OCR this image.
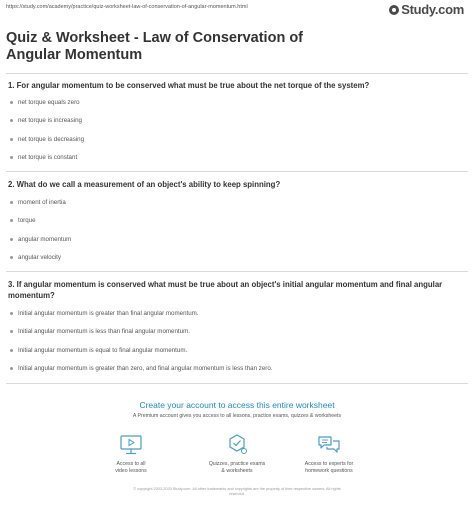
https://study.com/academy/practice/quiz-worksheet-law-of-conservation-of-angular-momentum.html	Study.com
Quiz & Worksheet - Law of Conservation of Angular Momentum
1. For angular momentum to be conserved what must be true about the net torque of the system?
net torque equals zero
net torque is increasing
net torque is decreasing
net torque is constant
2. What do we call a measurement of an object's ability to keep spinning?
moment of inertia
torque
angular momentum
angular velocity
3. If angular momentum is conserved what must be true about an object's initial angular momentum and final angular momentum?
Initial angular momentum is greater than final angular momentum.
Initial angular momentum is less than final angular momentum.
Initial angular momentum is equal to final angular momentum.
Initial angular momentum is greater than zero, and final angular momentum is less than zero.
Create your account to access this entire worksheet
A Premium account gives you access to all lessons, practice exams, quizzes & worksheets
Access to all
video lessons
Quizzes, practice exams
& worksheets
Access to experts for
homework questions
© copyright 2003-2020 Study.com. All other trademarks and copyrights are the property of their respective owners. All rights
reserved.
